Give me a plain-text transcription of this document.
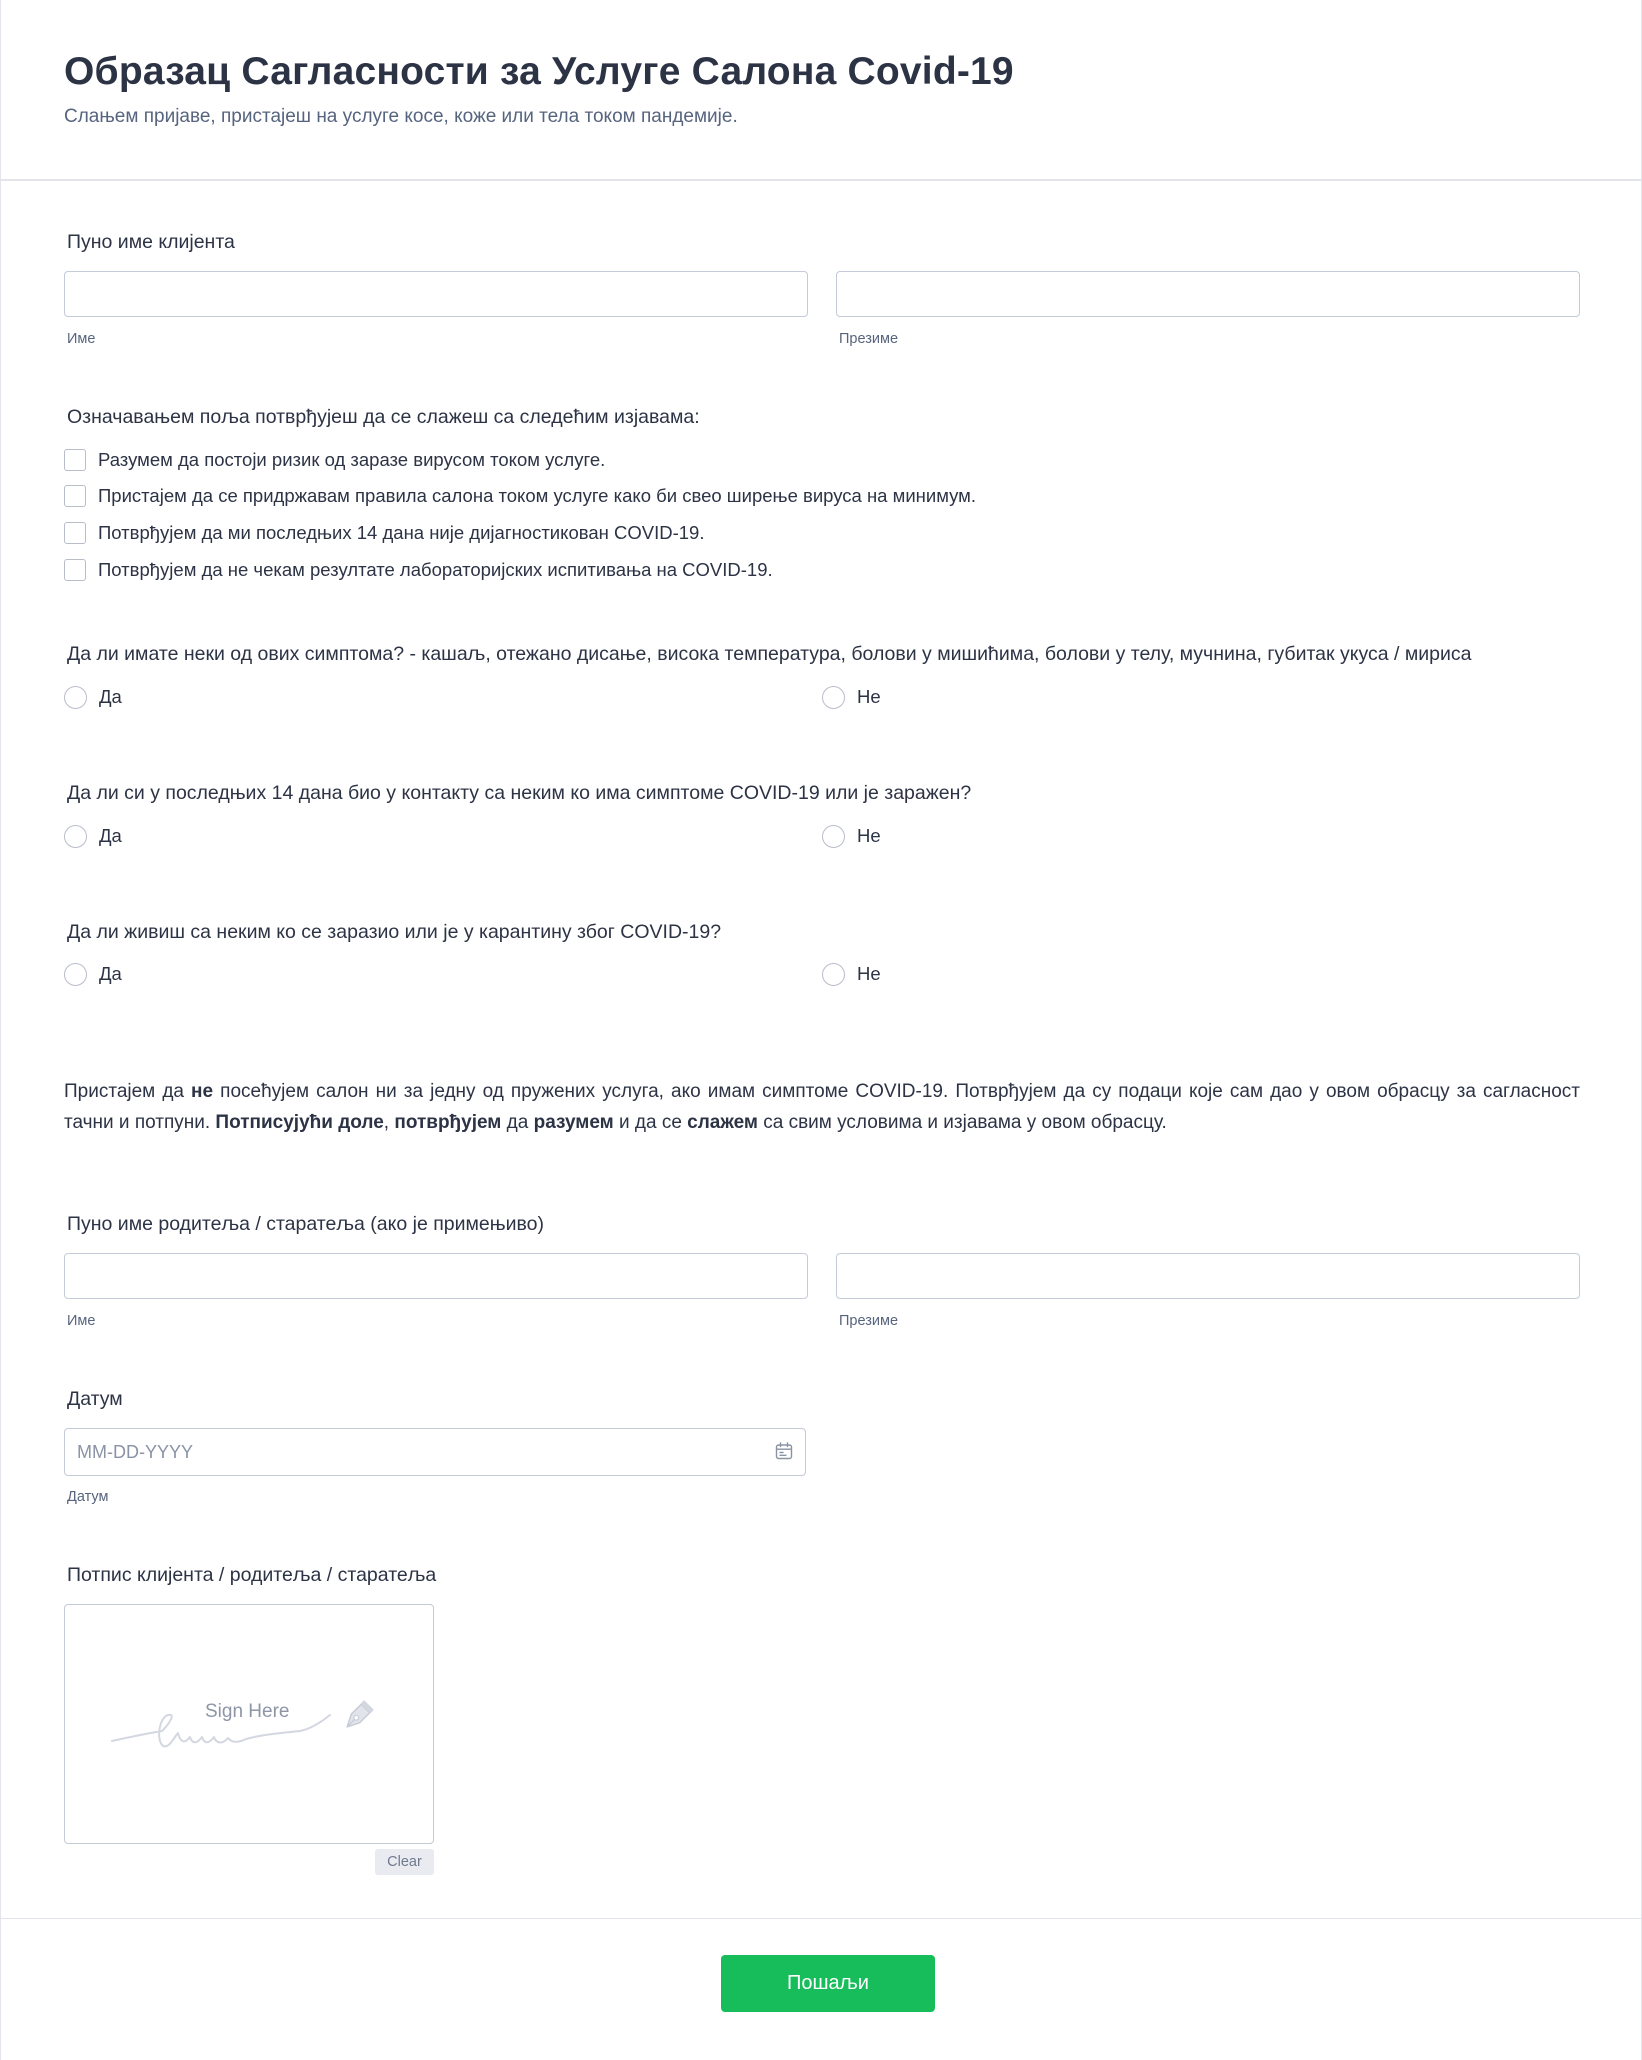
Образац Сагласности за Услуге Салона Covid-19
Слањем пријаве, пристајеш на услуге косе, коже или тела током пандемије.
Пуно име клијента
Име	Презиме
Означавањем поља потврђујеш да се слажеш са следећим изјавама:
Разумем да постоји ризик од заразе вирусом током услуге.
Пристајем да се придржавам правила салона током услуге како би свео ширење вируса на минимум.
Потврђујем да ми последњих 14 дана није дијагностикован COVID-19.
Потврђујем да не чекам резултате лабораторијских испитивања на COVID-19.
Да ли имате неки од ових симптома? - кашаљ, отежано дисање, висока температура, болови у мишићима, болови у телу, мучнина, губитак укуса / мириса
Да	Не
Да ли си у последњих 14 дана био у контакту са неким ко има симптоме COVID-19 или је заражен?
Да	Не
Да ли живиш са неким ко се заразио или је у карантину због COVID-19?
Да	Не
Пристајем да не посећујем салон ни за једну од пружених услуга, ако имам симптоме COVID-19. Потврђујем да су подаци које сам дао у овом обрасцу за сагласност тачни и потпуни. Потписујући доле, потврђујем да разумем и да се слажем са свим условима и изјавама у овом обрасцу.
Пуно име родитеља / старатеља (ако је примењиво)
Име	Презиме
Датум
MM-DD-YYYY
Датум
Потпис клијента / родитеља / старатеља
Sign Here
Clear
Пошаљи
